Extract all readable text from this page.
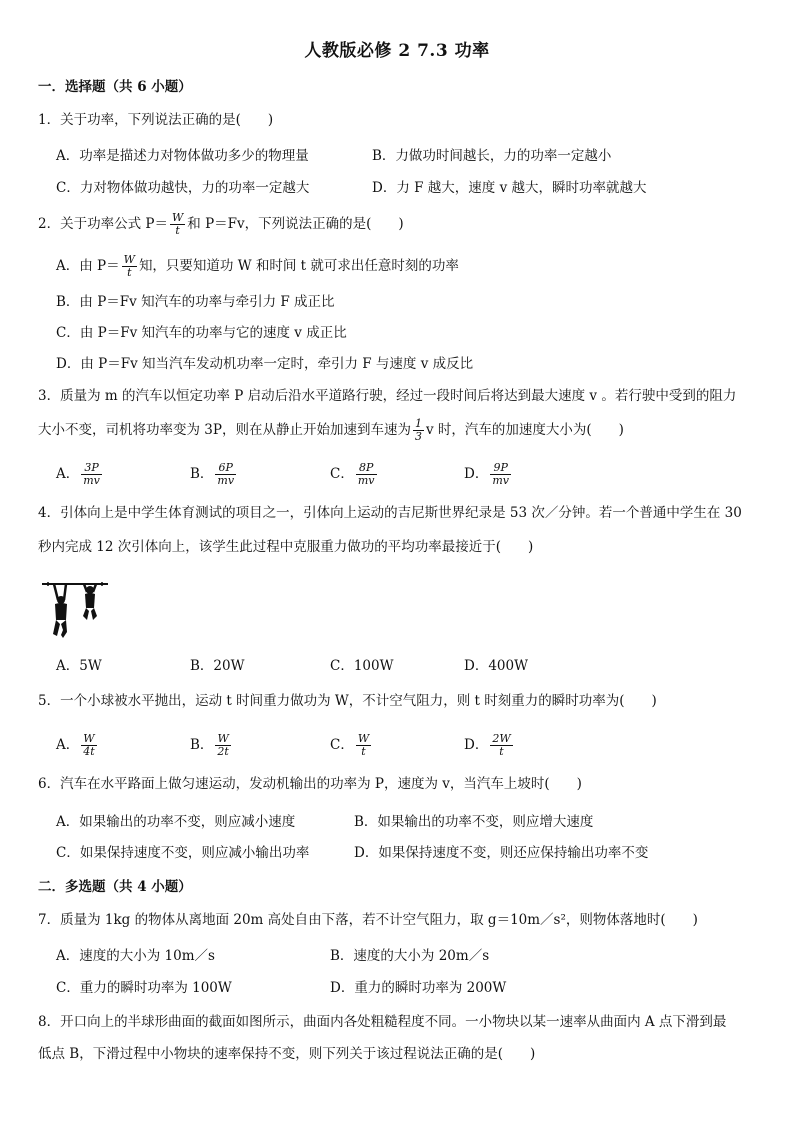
人教版必修 2 7.3 功率
一．选择题（共 6 小题）
1．关于功率，下列说法正确的是(　　)
A．功率是描述力对物体做功多少的物理量	B．力做功时间越长，力的功率一定越小
C．力对物体做功越快，力的功率一定越大	D．力 F 越大，速度 v 越大，瞬时功率就越大
2．关于功率公式 $P= \frac{W}{t}$ 和 P＝Fv，下列说法正确的是(　　)
A．由 $P= \frac{W}{t}$ 知，只要知道功 W 和时间 t 就可求出任意时刻的功率
B．由 P＝Fv 知汽车的功率与牵引力 F 成正比
C．由 P＝Fv 知汽车的功率与它的速度 v 成正比
D．由 P＝Fv 知当汽车发动机功率一定时，牵引力 F 与速度 v 成反比
3．质量为 m 的汽车以恒定功率 P 启动后沿水平道路行驶，经过一段时间后将达到最大速度 v 。若行驶中受到的阻力
大小不变，司机将功率变为 3P，则在从静止开始加速到车速为 $\frac{1}{3}$ v 时，汽车的加速度大小为(　　)
A． $\frac{3P}{mv}$	B． $\frac{6P}{mv}$	C． $\frac{8P}{mv}$	D． $\frac{9P}{mv}$
4．引体向上是中学生体育测试的项目之一，引体向上运动的吉尼斯世界纪录是 53 次／分钟。若一个普通中学生在 30
秒内完成 12 次引体向上，该学生此过程中克服重力做功的平均功率最接近于(　　)
A．5W	B．20W	C．100W	D．400W
5．一个小球被水平抛出，运动 t 时间重力做功为 W，不计空气阻力，则 t 时刻重力的瞬时功率为(　　)
A． $\frac{W}{4t}$	B． $\frac{W}{2t}$	C． $\frac{W}{t}$	D． $\frac{2W}{t}$
6．汽车在水平路面上做匀速运动，发动机输出的功率为 P，速度为 v，当汽车上坡时(　　)
A．如果输出的功率不变，则应减小速度	B．如果输出的功率不变，则应增大速度
C．如果保持速度不变，则应减小输出功率	D．如果保持速度不变，则还应保持输出功率不变
二．多选题（共 4 小题）
7．质量为 1kg 的物体从离地面 20m 高处自由下落，若不计空气阻力，取 g＝10m／s²，则物体落地时(　　)
A．速度的大小为 10m／s	B．速度的大小为 20m／s
C．重力的瞬时功率为 100W	D．重力的瞬时功率为 200W
8．开口向上的半球形曲面的截面如图所示，曲面内各处粗糙程度不同。一小物块以某一速率从曲面内 A 点下滑到最
低点 B，下滑过程中小物块的速率保持不变，则下列关于该过程说法正确的是(　　)
